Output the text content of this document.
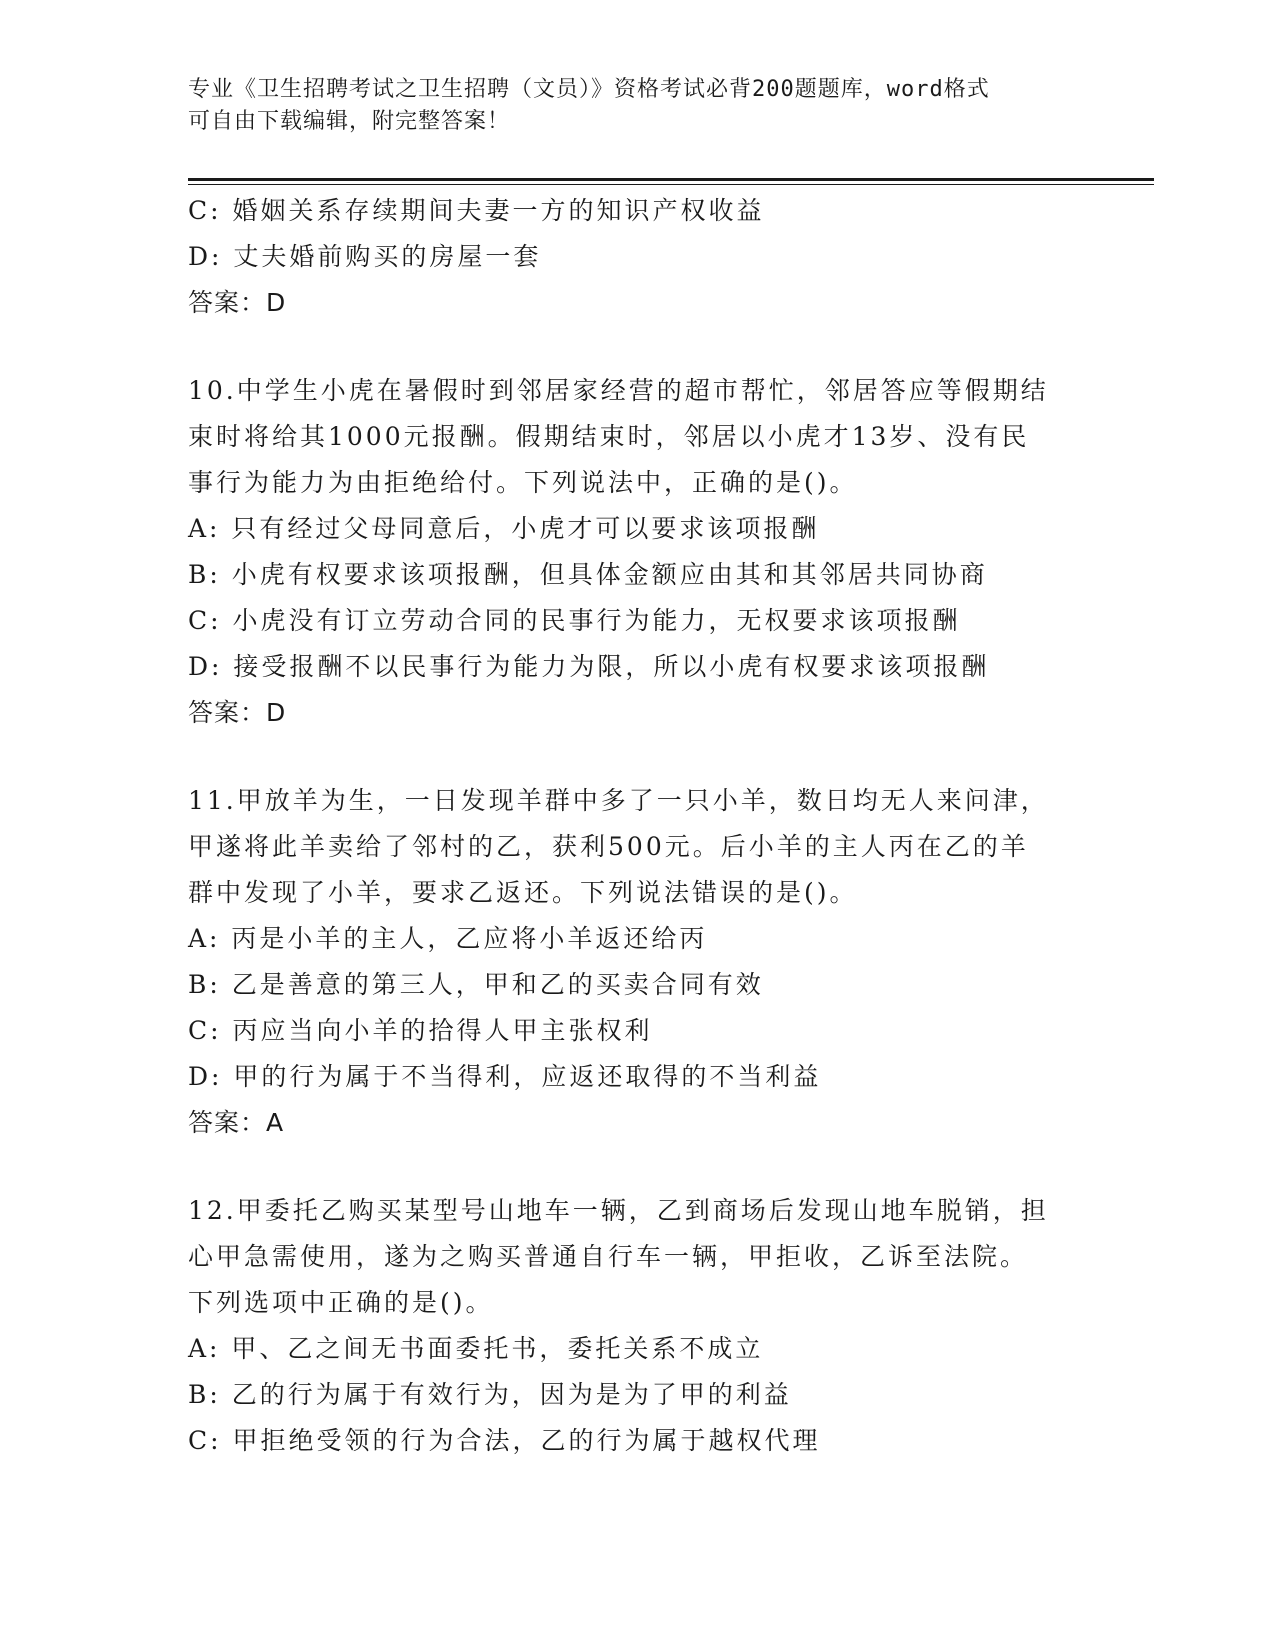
专业《卫生招聘考试之卫生招聘（文员）》资格考试必背200题题库，word格式
可自由下载编辑，附完整答案！
C: 婚姻关系存续期间夫妻一方的知识产权收益
D: 丈夫婚前购买的房屋一套
答案：D
10.中学生小虎在暑假时到邻居家经营的超市帮忙，邻居答应等假期结
束时将给其1000元报酬。假期结束时，邻居以小虎才13岁、没有民
事行为能力为由拒绝给付。下列说法中，正确的是()。
A: 只有经过父母同意后，小虎才可以要求该项报酬
B: 小虎有权要求该项报酬，但具体金额应由其和其邻居共同协商
C: 小虎没有订立劳动合同的民事行为能力，无权要求该项报酬
D: 接受报酬不以民事行为能力为限，所以小虎有权要求该项报酬
答案：D
11.甲放羊为生，一日发现羊群中多了一只小羊，数日均无人来问津，
甲遂将此羊卖给了邻村的乙，获利500元。后小羊的主人丙在乙的羊
群中发现了小羊，要求乙返还。下列说法错误的是()。
A: 丙是小羊的主人，乙应将小羊返还给丙
B: 乙是善意的第三人，甲和乙的买卖合同有效
C: 丙应当向小羊的拾得人甲主张权利
D: 甲的行为属于不当得利，应返还取得的不当利益
答案：A
12.甲委托乙购买某型号山地车一辆，乙到商场后发现山地车脱销，担
心甲急需使用，遂为之购买普通自行车一辆，甲拒收，乙诉至法院。
下列选项中正确的是()。
A: 甲、乙之间无书面委托书，委托关系不成立
B: 乙的行为属于有效行为，因为是为了甲的利益
C: 甲拒绝受领的行为合法，乙的行为属于越权代理
